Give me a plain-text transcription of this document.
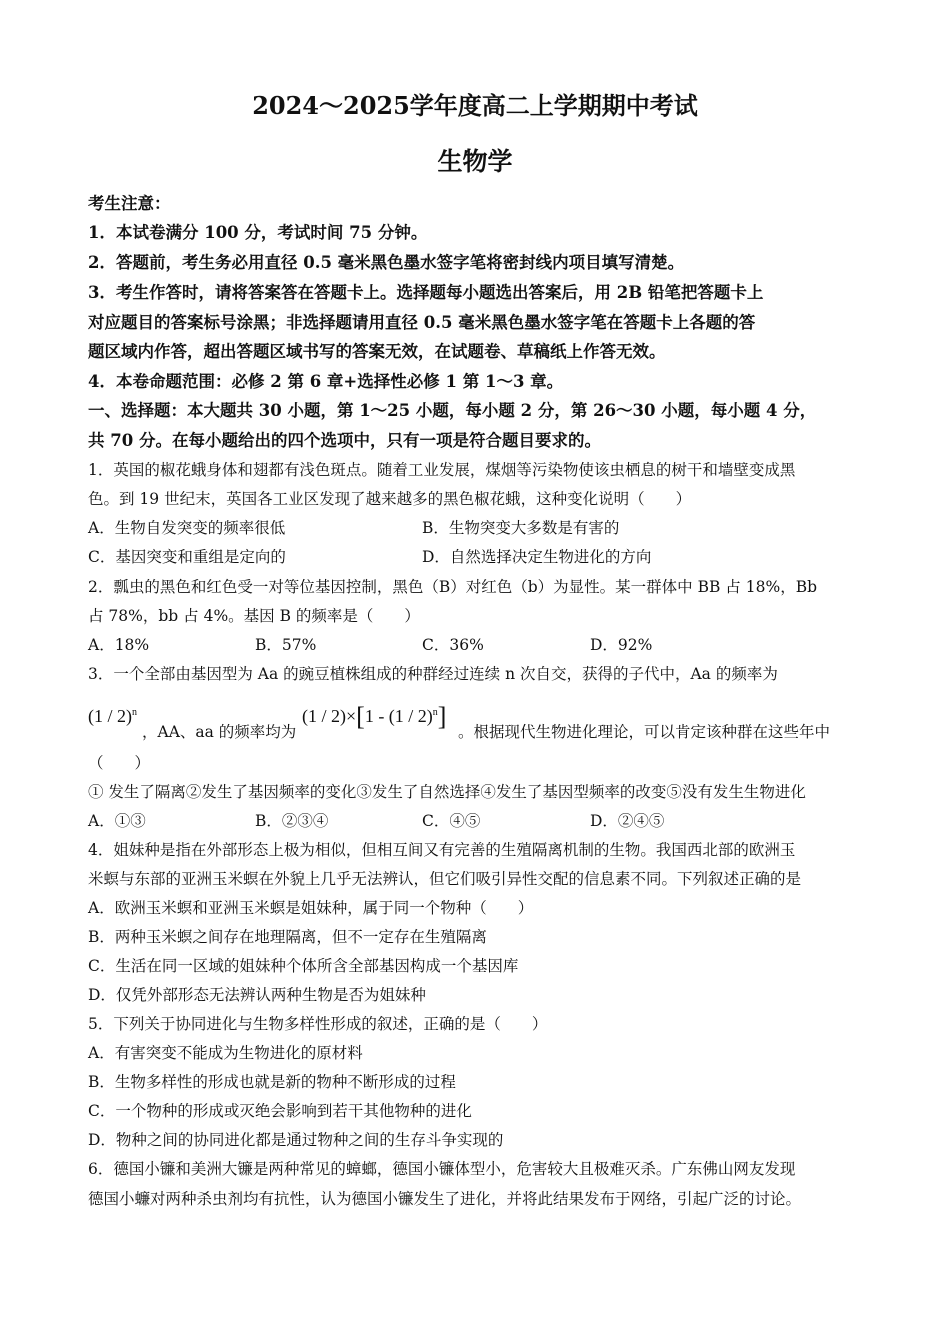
2024～2025学年度高二上学期期中考试
生物学
考生注意：
1．本试卷满分 100 分，考试时间 75 分钟。
2．答题前，考生务必用直径 0.5 毫米黑色墨水签字笔将密封线内项目填写清楚。
3．考生作答时，请将答案答在答题卡上。选择题每小题选出答案后，用 2B 铅笔把答题卡上
对应题目的答案标号涂黑；非选择题请用直径 0.5 毫米黑色墨水签字笔在答题卡上各题的答
题区域内作答，超出答题区域书写的答案无效，在试题卷、草稿纸上作答无效。
4．本卷命题范围：必修 2 第 6 章+选择性必修 1 第 1～3 章。
一、选择题：本大题共 30 小题，第 1～25 小题，每小题 2 分，第 26～30 小题，每小题 4 分，
共 70 分。在每小题给出的四个选项中，只有一项是符合题目要求的。
1．英国的椒花蛾身体和翅都有浅色斑点。随着工业发展，煤烟等污染物使该虫栖息的树干和墙壁变成黑
色。到 19 世纪末，英国各工业区发现了越来越多的黑色椒花蛾，这种变化说明（　　）
A．生物自发突变的频率很低	B．生物突变大多数是有害的
C．基因突变和重组是定向的	D．自然选择决定生物进化的方向
2．瓢虫的黑色和红色受一对等位基因控制，黑色（B）对红色（b）为显性。某一群体中 BB 占 18%，Bb
占 78%，bb 占 4%。基因 B 的频率是（　　）
A．18%	B．57%	C．36%	D．92%
3．一个全部由基因型为 Aa 的豌豆植株组成的种群经过连续 n 次自交，获得的子代中，Aa 的频率为
(1 / 2)$^n$
，AA、aa 的频率均为
(1 / 2)×[1 - (1 / 2)$^n$]
。根据现代生物进化理论，可以肯定该种群在这些年中
（　　）
① 发生了隔离②发生了基因频率的变化③发生了自然选择④发生了基因型频率的改变⑤没有发生生物进化
A．①③	B．②③④	C．④⑤	D．②④⑤
4．姐妹种是指在外部形态上极为相似，但相互间又有完善的生殖隔离机制的生物。我国西北部的欧洲玉
米螟与东部的亚洲玉米螟在外貌上几乎无法辨认，但它们吸引异性交配的信息素不同。下列叙述正确的是
A．欧洲玉米螟和亚洲玉米螟是姐妹种，属于同一个物种（　　）
B．两种玉米螟之间存在地理隔离，但不一定存在生殖隔离
C．生活在同一区域的姐妹种个体所含全部基因构成一个基因库
D．仅凭外部形态无法辨认两种生物是否为姐妹种
5．下列关于协同进化与生物多样性形成的叙述，正确的是（　　）
A．有害突变不能成为生物进化的原材料
B．生物多样性的形成也就是新的物种不断形成的过程
C．一个物种的形成或灭绝会影响到若干其他物种的进化
D．物种之间的协同进化都是通过物种之间的生存斗争实现的
6．德国小镰和美洲大镰是两种常见的蟑螂，德国小镰体型小，危害较大且极难灭杀。广东佛山网友发现
德国小蠊对两种杀虫剂均有抗性，认为德国小镰发生了进化，并将此结果发布于网络，引起广泛的讨论。
